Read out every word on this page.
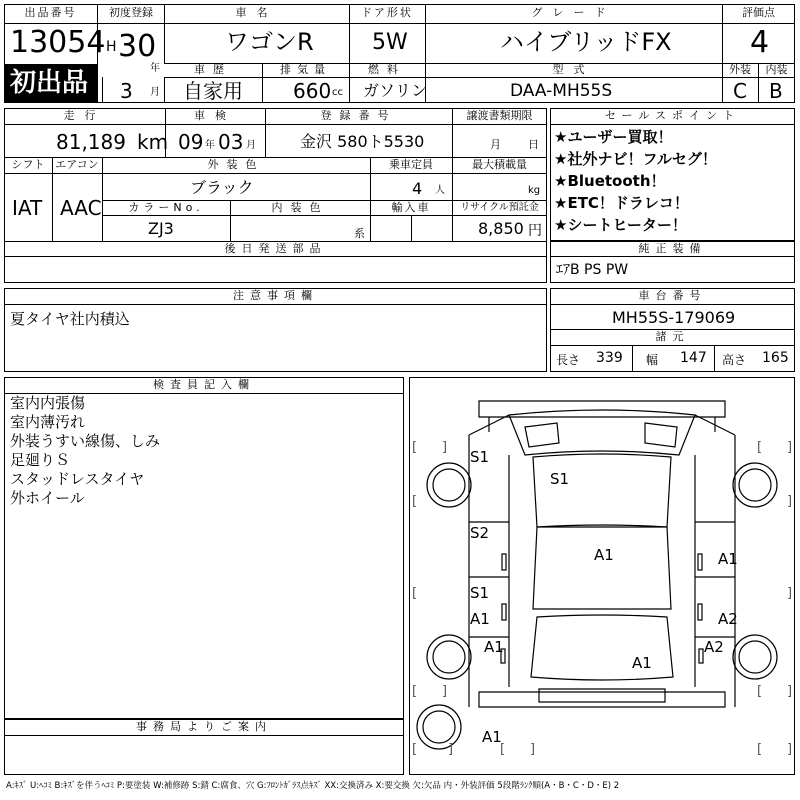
出品番号
13054
初出品
初度登録
H 30
年
3 月
車名
ワゴンR
ドア形状
5W
グレード
ハイブリッドFX
評価点
4
車歴
自家用
排気量
660 cc
燃料
ガソリン
型式
DAA-MH55S
外装	内装
C B
走行
81,189 km
車検
09 年 03 月
登録番号
金沢 580ト5530
譲渡書類期限
月 日
シフト エアコン
IAT AAC
外装色
ブラック
乗車定員
4 人
最大積載量
kg
カラーNo.
ZJ3
内装色
系
輸入車	リサイクル預託金
8,850 円
後日発送部品
セールスポイント
★ユーザー買取！
★社外ナビ！フルセグ！
★Bluetooth！
★ETC！ドラレコ！
★シートヒーター！
純正装備
ｴｱB PS PW
注意事項欄
夏タイヤ社内積込
車台番号
MH55S-179069
諸元
長さ 339 幅 147 高さ 165
検査員記入欄
室内内張傷
室内薄汚れ
外装うすい線傷、しみ
足廻りＳ
スタッドレスタイヤ
外ホイール
事務局よりご案内
S1
S1
S2
A1	A1
S1
A1	A2
A1	A2
A1
A1
[ ]	[ ]
[	]
[	]
[ ]	[ ]
[ ]	[ ]	[ ]
A:ｷｽﾞ U:ﾍｺﾐ B:ｷｽﾞを伴うﾍｺﾐ P:要塗装 W:補修跡 S:錆 C:腐食、穴 G:ﾌﾛﾝﾄｶﾞﾗｽ点ｷｽﾞ XX:交換済み X:要交換 欠:欠品 内・外装評価 5段階ﾗﾝｸ順(A・B・C・D・E) 2
